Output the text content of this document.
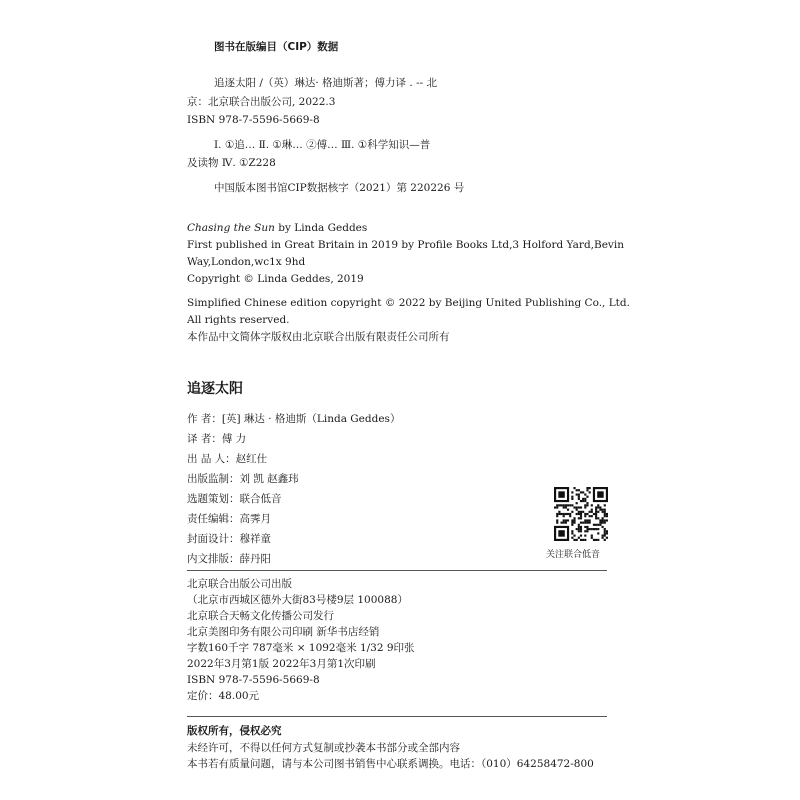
图书在版编目（CIP）数据
追逐太阳 /（英）琳达· 格迪斯著；傅力译 . -- 北
京：北京联合出版公司, 2022.3
ISBN 978-7-5596-5669-8
Ⅰ. ①追… Ⅱ. ①琳… ②傅… Ⅲ. ①科学知识—普
及读物 Ⅳ. ①Z228
中国版本图书馆CIP数据核字（2021）第 220226 号
Chasing the Sun by Linda Geddes
First published in Great Britain in 2019 by Profile Books Ltd,3 Holford Yard,Bevin
Way,London,wc1x 9hd
Copyright © Linda Geddes, 2019
Simplified Chinese edition copyright © 2022 by Beijing United Publishing Co., Ltd.
All rights reserved.
本作品中文简体字版权由北京联合出版有限责任公司所有
追逐太阳
作 者：[英] 琳达 · 格迪斯（Linda Geddes）
译 者：傅 力
出 品 人：赵红仕
出版监制：刘 凯 赵鑫玮
选题策划：联合低音
责任编辑：高霁月
封面设计：穆祥童
内文排版：薛丹阳	关注联合低音
北京联合出版公司出版
（北京市西城区德外大街83号楼9层 100088）
北京联合天畅文化传播公司发行
北京美图印务有限公司印刷 新华书店经销
字数160千字 787毫米 × 1092毫米 1/32 9印张
2022年3月第1版 2022年3月第1次印刷
ISBN 978-7-5596-5669-8
定价：48.00元
版权所有，侵权必究
未经许可，不得以任何方式复制或抄袭本书部分或全部内容
本书若有质量问题，请与本公司图书销售中心联系调换。电话：（010）64258472-800
